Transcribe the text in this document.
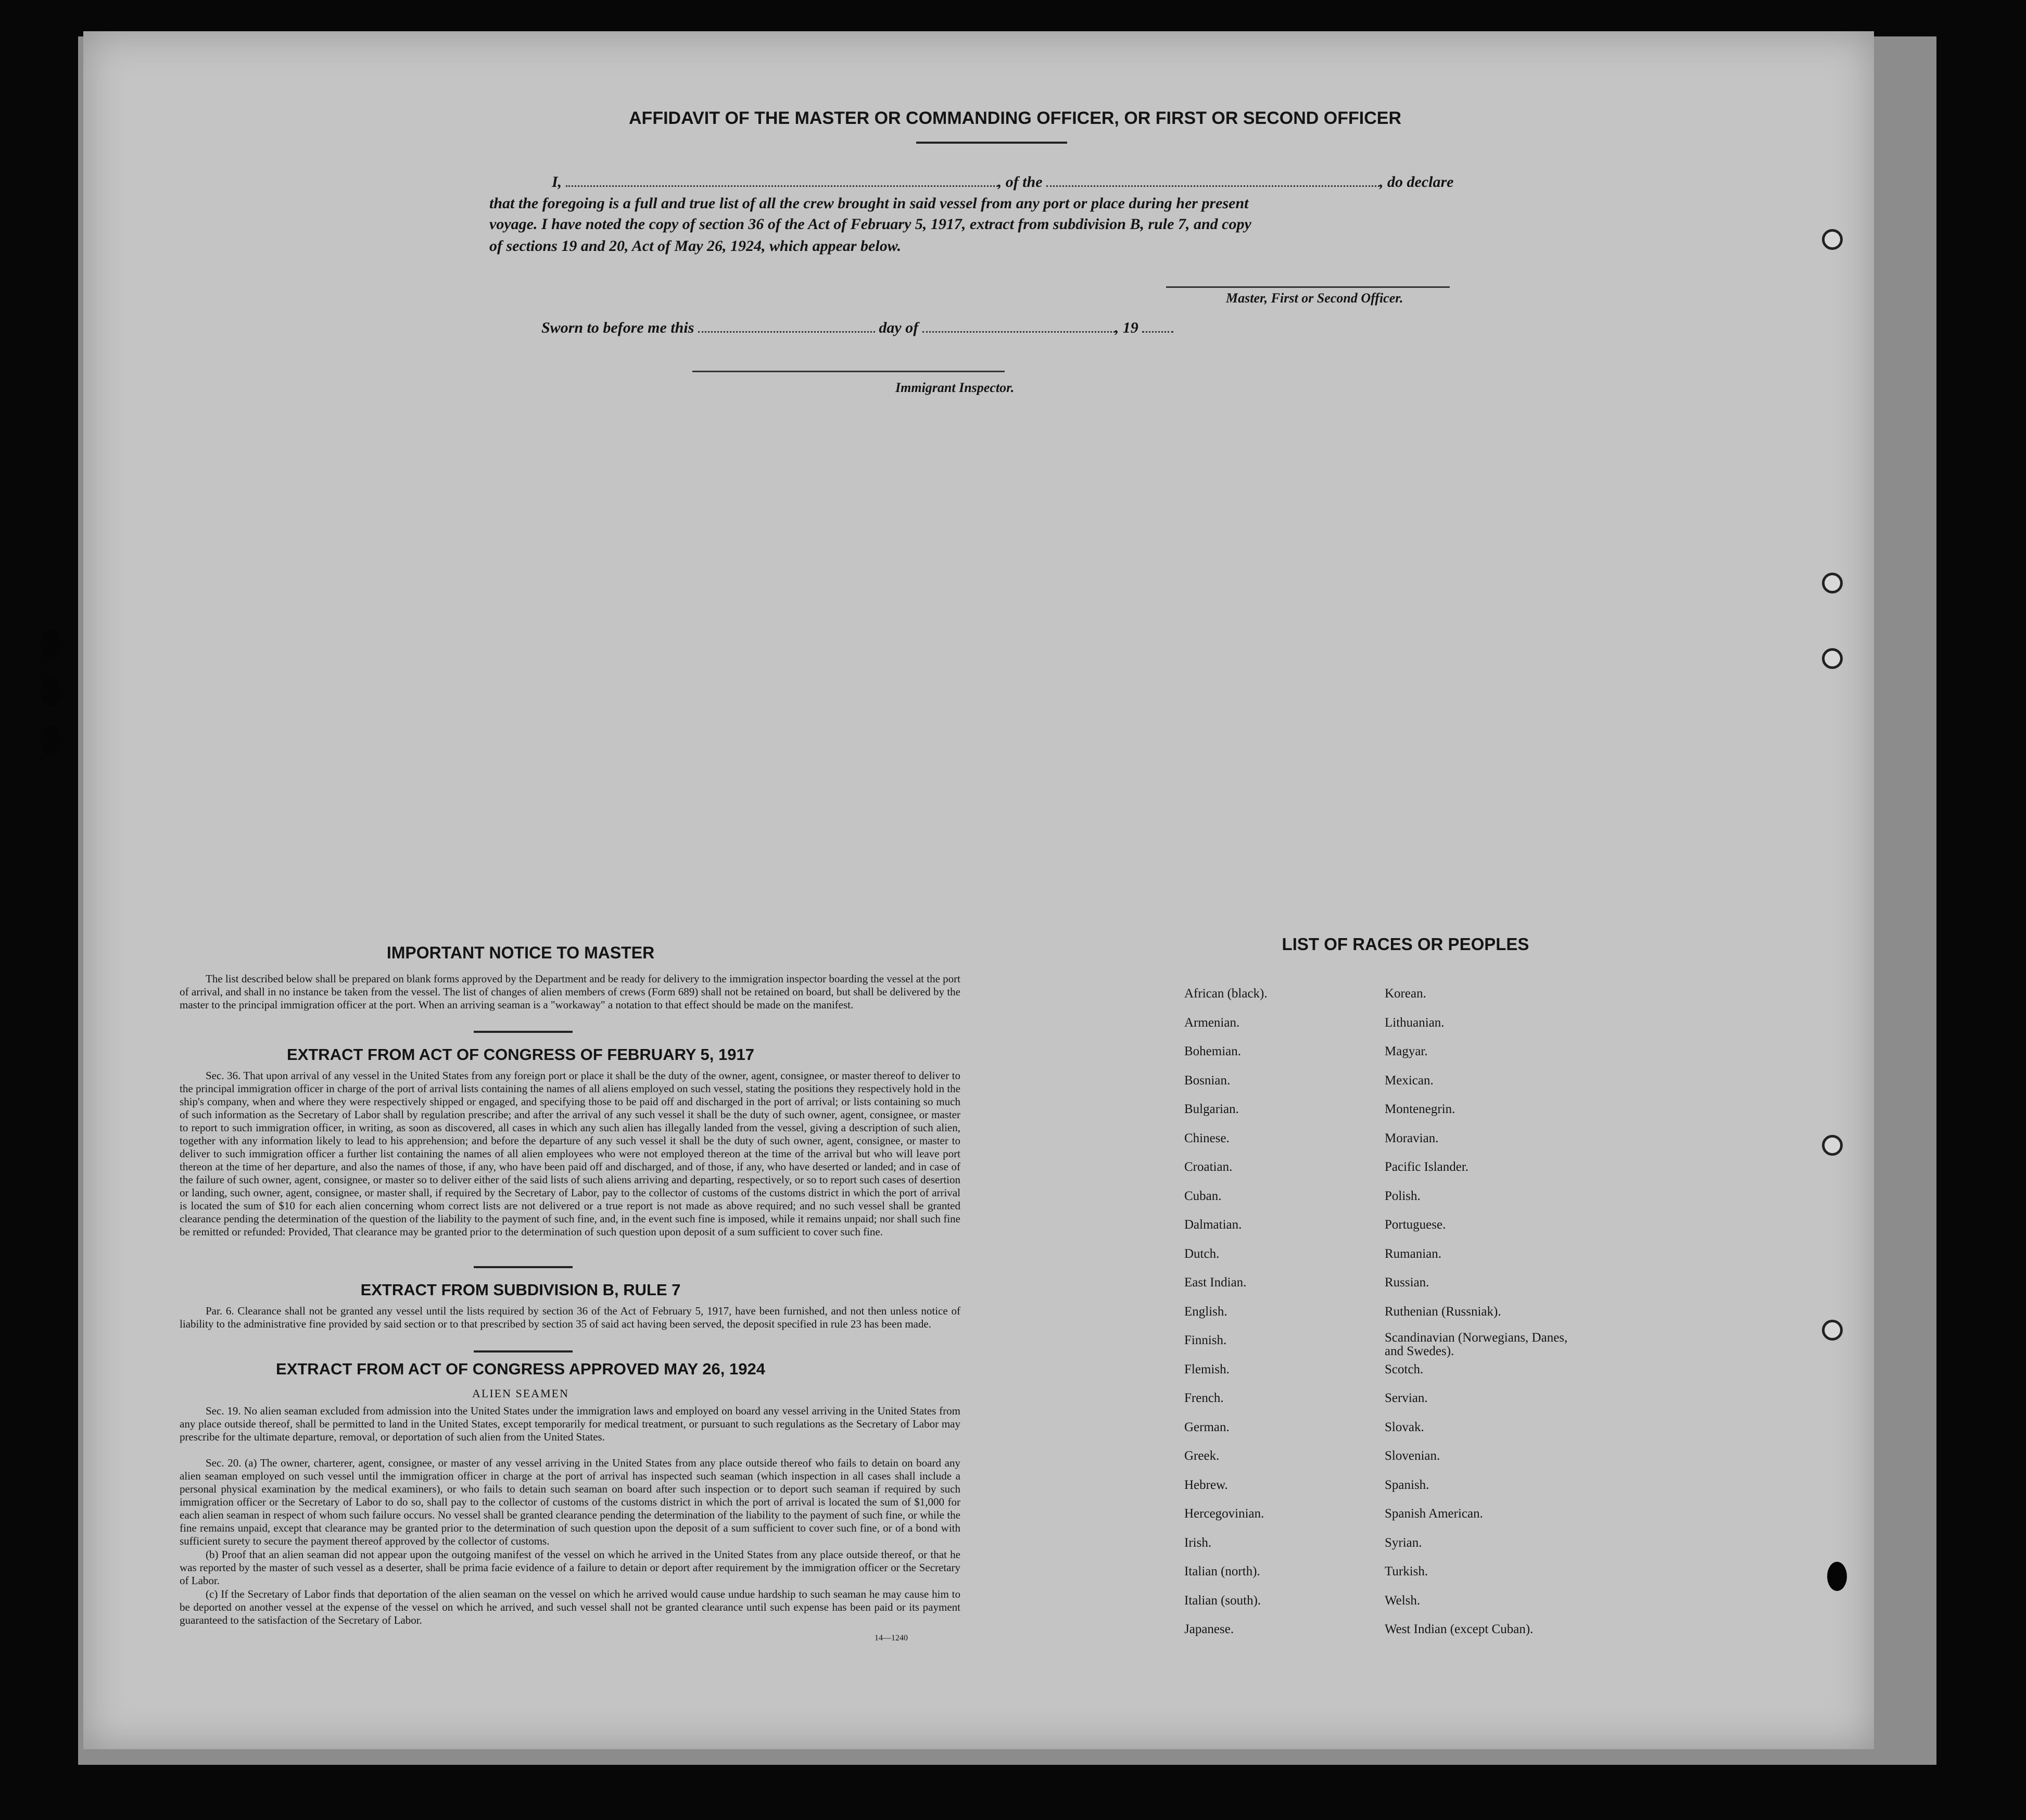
AFFIDAVIT OF THE MASTER OR COMMANDING OFFICER, OR FIRST OR SECOND OFFICER
I,	, of the	, do declare
that the foregoing is a full and true list of all the crew brought in said vessel from any port or place during her present
voyage. I have noted the copy of section 36 of the Act of February 5, 1917, extract from subdivision B, rule 7, and copy
of sections 19 and 20, Act of May 26, 1924, which appear below.
Master, First or Second Officer.
Sworn to before me this	day of	, 19
Immigrant Inspector.
IMPORTANT NOTICE TO MASTER
The list described below shall be prepared on blank forms approved by the Department and be ready for delivery to the immigration inspector boarding the vessel at the port of arrival, and shall in no instance be taken from the vessel. The list of changes of alien members of crews (Form 689) shall not be retained on board, but shall be delivered by the master to the principal immigration officer at the port. When an arriving seaman is a "workaway" a notation to that effect should be made on the manifest.
EXTRACT FROM ACT OF CONGRESS OF FEBRUARY 5, 1917
Sec. 36. That upon arrival of any vessel in the United States from any foreign port or place it shall be the duty of the owner, agent, consignee, or master thereof to deliver to the principal immigration officer in charge of the port of arrival lists containing the names of all aliens employed on such vessel, stating the positions they respectively hold in the ship's company, when and where they were respectively shipped or engaged, and specifying those to be paid off and discharged in the port of arrival; or lists containing so much of such information as the Secretary of Labor shall by regulation prescribe; and after the arrival of any such vessel it shall be the duty of such owner, agent, consignee, or master to report to such immigration officer, in writing, as soon as discovered, all cases in which any such alien has illegally landed from the vessel, giving a description of such alien, together with any information likely to lead to his apprehension; and before the departure of any such vessel it shall be the duty of such owner, agent, consignee, or master to deliver to such immigration officer a further list containing the names of all alien employees who were not employed thereon at the time of the arrival but who will leave port thereon at the time of her departure, and also the names of those, if any, who have been paid off and discharged, and of those, if any, who have deserted or landed; and in case of the failure of such owner, agent, consignee, or master so to deliver either of the said lists of such aliens arriving and departing, respectively, or so to report such cases of desertion or landing, such owner, agent, consignee, or master shall, if required by the Secretary of Labor, pay to the collector of customs of the customs district in which the port of arrival is located the sum of $10 for each alien concerning whom correct lists are not delivered or a true report is not made as above required; and no such vessel shall be granted clearance pending the determination of the question of the liability to the payment of such fine, and, in the event such fine is imposed, while it remains unpaid; nor shall such fine be remitted or refunded: Provided, That clearance may be granted prior to the determination of such question upon deposit of a sum sufficient to cover such fine.
EXTRACT FROM SUBDIVISION B, RULE 7
Par. 6. Clearance shall not be granted any vessel until the lists required by section 36 of the Act of February 5, 1917, have been furnished, and not then unless notice of liability to the administrative fine provided by said section or to that prescribed by section 35 of said act having been served, the deposit specified in rule 23 has been made.
EXTRACT FROM ACT OF CONGRESS APPROVED MAY 26, 1924
ALIEN SEAMEN
Sec. 19. No alien seaman excluded from admission into the United States under the immigration laws and employed on board any vessel arriving in the United States from any place outside thereof, shall be permitted to land in the United States, except temporarily for medical treatment, or pursuant to such regulations as the Secretary of Labor may prescribe for the ultimate departure, removal, or deportation of such alien from the United States.
Sec. 20. (a) The owner, charterer, agent, consignee, or master of any vessel arriving in the United States from any place outside thereof who fails to detain on board any alien seaman employed on such vessel until the immigration officer in charge at the port of arrival has inspected such seaman (which inspection in all cases shall include a personal physical examination by the medical examiners), or who fails to detain such seaman on board after such inspection or to deport such seaman if required by such immigration officer or the Secretary of Labor to do so, shall pay to the collector of customs of the customs district in which the port of arrival is located the sum of $1,000 for each alien seaman in respect of whom such failure occurs. No vessel shall be granted clearance pending the determination of the liability to the payment of such fine, or while the fine remains unpaid, except that clearance may be granted prior to the determination of such question upon the deposit of a sum sufficient to cover such fine, or of a bond with sufficient surety to secure the payment thereof approved by the collector of customs.
(b) Proof that an alien seaman did not appear upon the outgoing manifest of the vessel on which he arrived in the United States from any place outside thereof, or that he was reported by the master of such vessel as a deserter, shall be prima facie evidence of a failure to detain or deport after requirement by the immigration officer or the Secretary of Labor.
(c) If the Secretary of Labor finds that deportation of the alien seaman on the vessel on which he arrived would cause undue hardship to such seaman he may cause him to be deported on another vessel at the expense of the vessel on which he arrived, and such vessel shall not be granted clearance until such expense has been paid or its payment guaranteed to the satisfaction of the Secretary of Labor.
14—1240
LIST OF RACES OR PEOPLES
African (black).
Armenian.
Bohemian.
Bosnian.
Bulgarian.
Chinese.
Croatian.
Cuban.
Dalmatian.
Dutch.
East Indian.
English.
Finnish.
Flemish.
French.
German.
Greek.
Hebrew.
Hercegovinian.
Irish.
Italian (north).
Italian (south).
Japanese.
Korean.
Lithuanian.
Magyar.
Mexican.
Montenegrin.
Moravian.
Pacific Islander.
Polish.
Portuguese.
Rumanian.
Russian.
Ruthenian (Russniak).
Scandinavian (Norwegians, Danes, and Swedes).
Scotch.
Servian.
Slovak.
Slovenian.
Spanish.
Spanish American.
Syrian.
Turkish.
Welsh.
West Indian (except Cuban).
